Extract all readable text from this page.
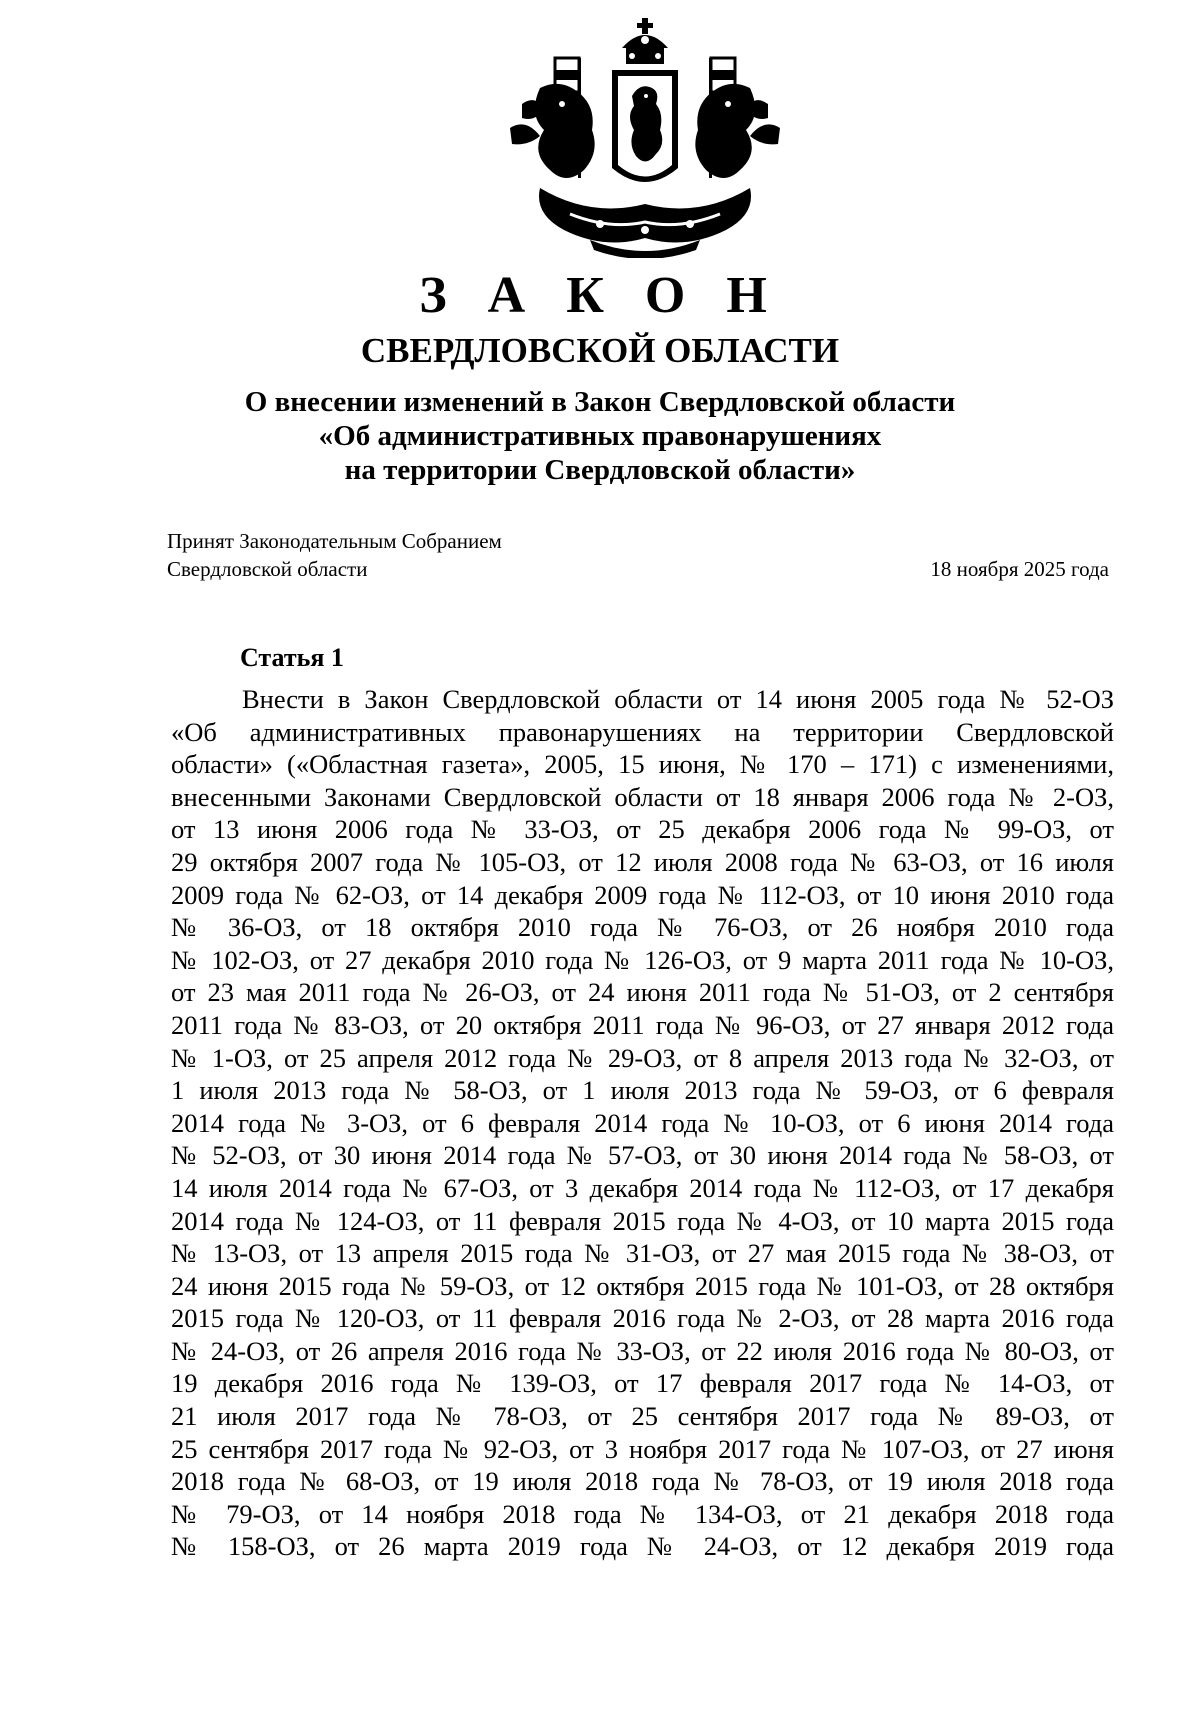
З А К О Н
СВЕРДЛОВСКОЙ ОБЛАСТИ
О внесении изменений в Закон Свердловской области
«Об административных правонарушениях
на территории Свердловской области»
Принят Законодательным Собранием
Свердловской области	18 ноября 2025 года
Статья 1
Внести в Закон Свердловской области от 14 июня 2005 года № 52-ОЗ
«Об административных правонарушениях на территории Свердловской
области» («Областная газета», 2005, 15 июня, № 170 – 171) с изменениями,
внесенными Законами Свердловской области от 18 января 2006 года № 2-ОЗ,
от 13 июня 2006 года № 33-ОЗ, от 25 декабря 2006 года № 99-ОЗ, от
29 октября 2007 года № 105-ОЗ, от 12 июля 2008 года № 63-ОЗ, от 16 июля
2009 года № 62-ОЗ, от 14 декабря 2009 года № 112-ОЗ, от 10 июня 2010 года
№ 36-ОЗ, от 18 октября 2010 года № 76-ОЗ, от 26 ноября 2010 года
№ 102-ОЗ, от 27 декабря 2010 года № 126-ОЗ, от 9 марта 2011 года № 10-ОЗ,
от 23 мая 2011 года № 26-ОЗ, от 24 июня 2011 года № 51-ОЗ, от 2 сентября
2011 года № 83-ОЗ, от 20 октября 2011 года № 96-ОЗ, от 27 января 2012 года
№ 1-ОЗ, от 25 апреля 2012 года № 29-ОЗ, от 8 апреля 2013 года № 32-ОЗ, от
1 июля 2013 года № 58-ОЗ, от 1 июля 2013 года № 59-ОЗ, от 6 февраля
2014 года № 3-ОЗ, от 6 февраля 2014 года № 10-ОЗ, от 6 июня 2014 года
№ 52-ОЗ, от 30 июня 2014 года № 57-ОЗ, от 30 июня 2014 года № 58-ОЗ, от
14 июля 2014 года № 67-ОЗ, от 3 декабря 2014 года № 112-ОЗ, от 17 декабря
2014 года № 124-ОЗ, от 11 февраля 2015 года № 4-ОЗ, от 10 марта 2015 года
№ 13-ОЗ, от 13 апреля 2015 года № 31-ОЗ, от 27 мая 2015 года № 38-ОЗ, от
24 июня 2015 года № 59-ОЗ, от 12 октября 2015 года № 101-ОЗ, от 28 октября
2015 года № 120-ОЗ, от 11 февраля 2016 года № 2-ОЗ, от 28 марта 2016 года
№ 24-ОЗ, от 26 апреля 2016 года № 33-ОЗ, от 22 июля 2016 года № 80-ОЗ, от
19 декабря 2016 года № 139-ОЗ, от 17 февраля 2017 года № 14-ОЗ, от
21 июля 2017 года № 78-ОЗ, от 25 сентября 2017 года № 89-ОЗ, от
25 сентября 2017 года № 92-ОЗ, от 3 ноября 2017 года № 107-ОЗ, от 27 июня
2018 года № 68-ОЗ, от 19 июля 2018 года № 78-ОЗ, от 19 июля 2018 года
№ 79-ОЗ, от 14 ноября 2018 года № 134-ОЗ, от 21 декабря 2018 года
№ 158-ОЗ, от 26 марта 2019 года № 24-ОЗ, от 12 декабря 2019 года
